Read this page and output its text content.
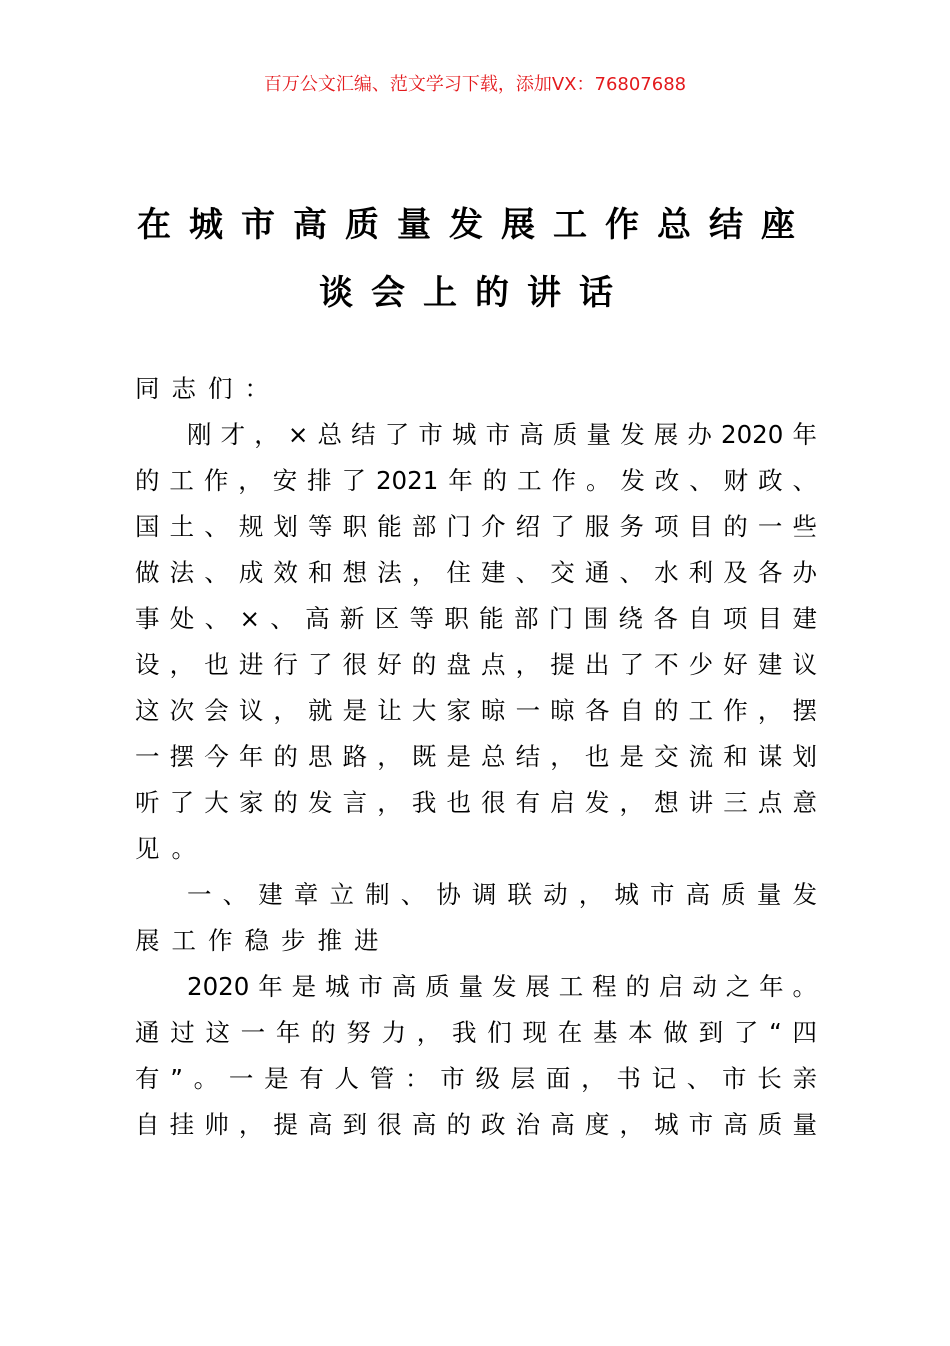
百万公文汇编、范文学习下载，添加VX：76807688
在城市高质量发展工作总结座
谈会上的讲话
同志们：
刚才，×总结了市城市高质量发展办2020年
的工作，安排了2021年的工作。发改、财政、
国土、规划等职能部门介绍了服务项目的一些
做法、成效和想法，住建、交通、水利及各办
事处、×、高新区等职能部门围绕各自项目建
设，也进行了很好的盘点，提出了不少好建议
这次会议，就是让大家晾一晾各自的工作，摆
一摆今年的思路，既是总结，也是交流和谋划
听了大家的发言，我也很有启发，想讲三点意
见。
一、建章立制、协调联动，城市高质量发
展工作稳步推进
2020年是城市高质量发展工程的启动之年。
通过这一年的努力，我们现在基本做到了“四
有”。一是有人管：市级层面，书记、市长亲
自挂帅，提高到很高的政治高度，城市高质量
